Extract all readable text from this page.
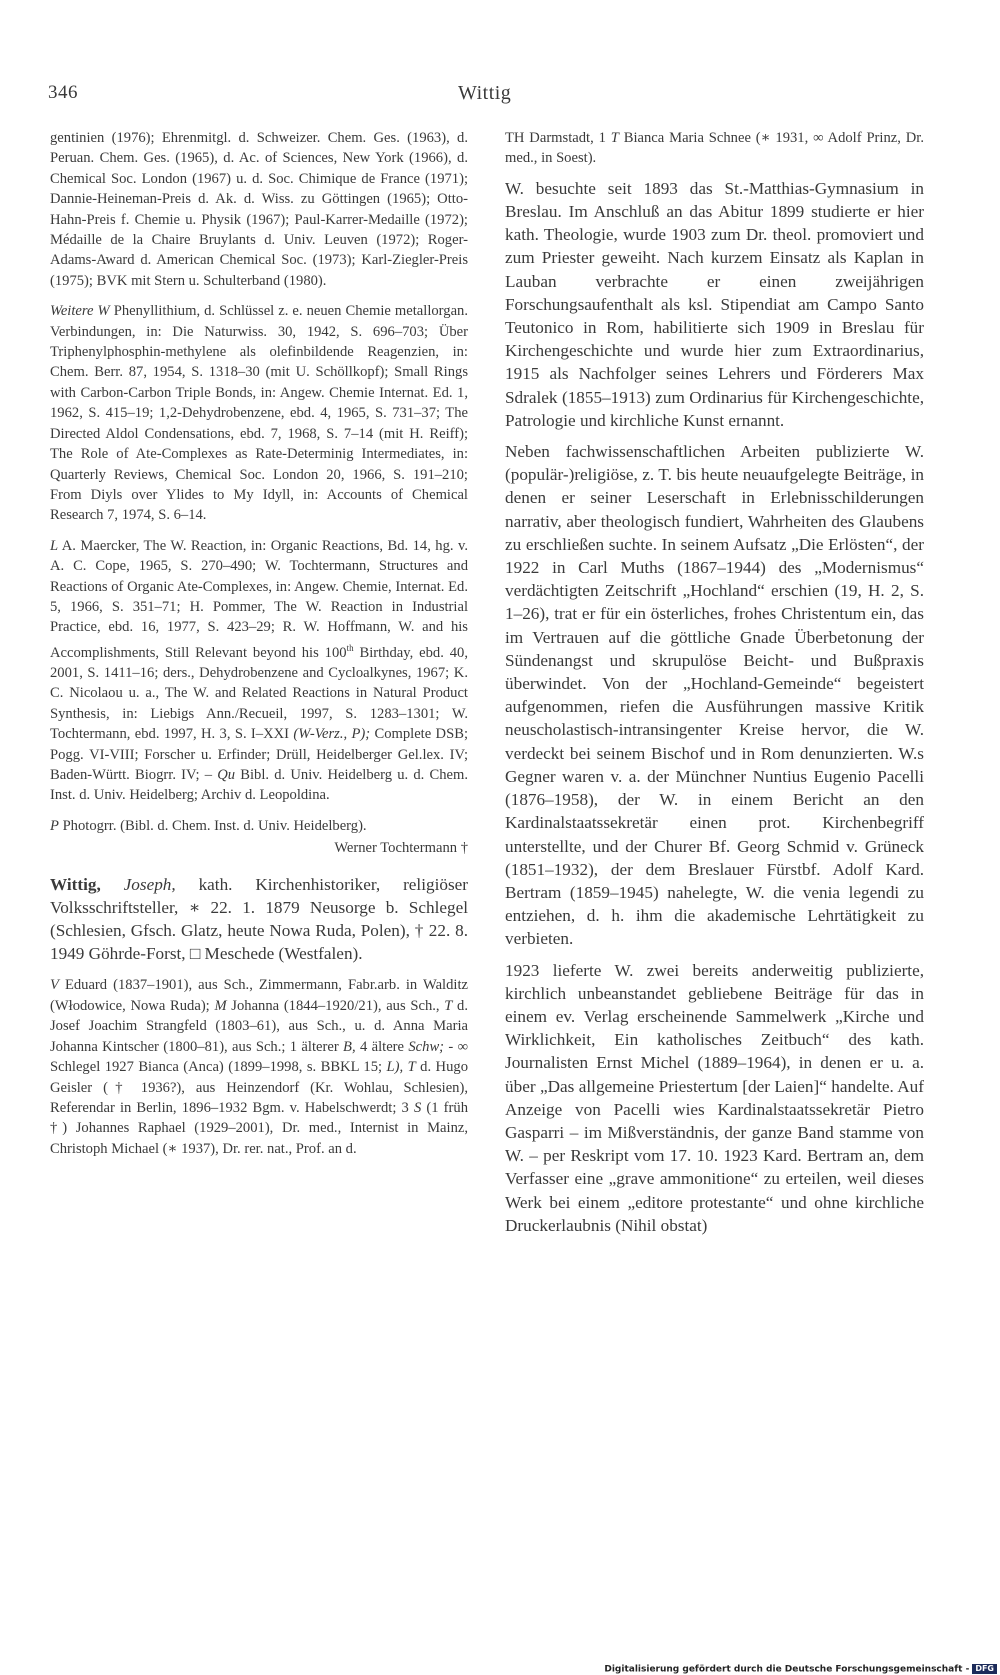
346	Wittig

gentinien (1976); Ehrenmitgl. d. Schweizer. Chem. Ges. (1963), d. Peruan. Chem. Ges. (1965), d. Ac. of Sciences, New York (1966), d. Chemical Soc. London (1967) u. d. Soc. Chimique de France (1971); Dannie-Heineman-Preis d. Ak. d. Wiss. zu Göttingen (1965); Otto-Hahn-Preis f. Chemie u. Physik (1967); Paul-Karrer-Medaille (1972); Médaille de la Chaire Bruylants d. Univ. Leuven (1972); Roger-Adams-Award d. American Chemical Soc. (1973); Karl-Ziegler-Preis (1975); BVK mit Stern u. Schulterband (1980).

Weitere W Phenyllithium, d. Schlüssel z. e. neuen Chemie metallorgan. Verbindungen, in: Die Naturwiss. 30, 1942, S. 696–703; Über Triphenylphosphin-methylene als olefinbildende Reagenzien, in: Chem. Berr. 87, 1954, S. 1318–30 (mit U. Schöllkopf); Small Rings with Carbon-Carbon Triple Bonds, in: Angew. Chemie Internat. Ed. 1, 1962, S. 415–19; 1,2-Dehydrobenzene, ebd. 4, 1965, S. 731–37; The Directed Aldol Condensations, ebd. 7, 1968, S. 7–14 (mit H. Reiff); The Role of Ate-Complexes as Rate-Determinig Intermediates, in: Quarterly Reviews, Chemical Soc. London 20, 1966, S. 191–210; From Diyls over Ylides to My Idyll, in: Accounts of Chemical Research 7, 1974, S. 6–14.

L A. Maercker, The W. Reaction, in: Organic Reactions, Bd. 14, hg. v. A. C. Cope, 1965, S. 270–490; W. Tochtermann, Structures and Reactions of Organic Ate-Complexes, in: Angew. Chemie, Internat. Ed. 5, 1966, S. 351–71; H. Pommer, The W. Reaction in Industrial Practice, ebd. 16, 1977, S. 423–29; R. W. Hoffmann, W. and his Accomplishments, Still Relevant beyond his 100th Birthday, ebd. 40, 2001, S. 1411–16; ders., Dehydrobenzene and Cycloalkynes, 1967; K. C. Nicolaou u. a., The W. and Related Reactions in Natural Product Synthesis, in: Liebigs Ann./Recueil, 1997, S. 1283–1301; W. Tochtermann, ebd. 1997, H. 3, S. I–XXI (W-Verz., P); Complete DSB; Pogg. VI-VIII; Forscher u. Erfinder; Drüll, Heidelberger Gel.lex. IV; Baden-Württ. Biogrr. IV; – Qu Bibl. d. Univ. Heidelberg u. d. Chem. Inst. d. Univ. Heidelberg; Archiv d. Leopoldina.

P Photogrr. (Bibl. d. Chem. Inst. d. Univ. Heidelberg).

Werner Tochtermann †

Wittig, Joseph, kath. Kirchenhistoriker, religiöser Volksschriftsteller, ∗ 22. 1. 1879 Neusorge b. Schlegel (Schlesien, Gfsch. Glatz, heute Nowa Ruda, Polen), † 22. 8. 1949 Göhrde-Forst, □ Meschede (Westfalen).

V Eduard (1837–1901), aus Sch., Zimmermann, Fabr.arb. in Walditz (Włodowice, Nowa Ruda); M Johanna (1844–1920/21), aus Sch., T d. Josef Joachim Strangfeld (1803–61), aus Sch., u. d. Anna Maria Johanna Kintscher (1800–81), aus Sch.; 1 älterer B, 4 ältere Schw; - ∞ Schlegel 1927 Bianca (Anca) (1899–1998, s. BBKL 15; L), T d. Hugo Geisler († 1936?), aus Heinzendorf (Kr. Wohlau, Schlesien), Referendar in Berlin, 1896–1932 Bgm. v. Habelschwerdt; 3 S (1 früh †) Johannes Raphael (1929–2001), Dr. med., Internist in Mainz, Christoph Michael (∗ 1937), Dr. rer. nat., Prof. an d.

TH Darmstadt, 1 T Bianca Maria Schnee (∗ 1931, ∞ Adolf Prinz, Dr. med., in Soest).

W. besuchte seit 1893 das St.-Matthias-Gymnasium in Breslau. Im Anschluß an das Abitur 1899 studierte er hier kath. Theologie, wurde 1903 zum Dr. theol. promoviert und zum Priester geweiht. Nach kurzem Einsatz als Kaplan in Lauban verbrachte er einen zweijährigen Forschungsaufenthalt als ksl. Stipendiat am Campo Santo Teutonico in Rom, habilitierte sich 1909 in Breslau für Kirchengeschichte und wurde hier zum Extraordinarius, 1915 als Nachfolger seines Lehrers und Förderers Max Sdralek (1855–1913) zum Ordinarius für Kirchengeschichte, Patrologie und kirchliche Kunst ernannt.

Neben fachwissenschaftlichen Arbeiten publizierte W. (populär-)religiöse, z. T. bis heute neuaufgelegte Beiträge, in denen er seiner Leserschaft in Erlebnisschilderungen narrativ, aber theologisch fundiert, Wahrheiten des Glaubens zu erschließen suchte. In seinem Aufsatz „Die Erlösten“, der 1922 in Carl Muths (1867–1944) des „Modernismus“ verdächtigten Zeitschrift „Hochland“ erschien (19, H. 2, S. 1–26), trat er für ein österliches, frohes Christentum ein, das im Vertrauen auf die göttliche Gnade Überbetonung der Sündenangst und skrupulöse Beicht- und Bußpraxis überwindet. Von der „Hochland-Gemeinde“ begeistert aufgenommen, riefen die Ausführungen massive Kritik neuscholastisch-intransingenter Kreise hervor, die W. verdeckt bei seinem Bischof und in Rom denunzierten. W.s Gegner waren v. a. der Münchner Nuntius Eugenio Pacelli (1876–1958), der W. in einem Bericht an den Kardinalstaatssekretär einen prot. Kirchenbegriff unterstellte, und der Churer Bf. Georg Schmid v. Grüneck (1851–1932), der dem Breslauer Fürstbf. Adolf Kard. Bertram (1859–1945) nahelegte, W. die venia legendi zu entziehen, d. h. ihm die akademische Lehrtätigkeit zu verbieten.

1923 lieferte W. zwei bereits anderweitig publizierte, kirchlich unbeanstandet gebliebene Beiträge für das in einem ev. Verlag erscheinende Sammelwerk „Kirche und Wirklichkeit, Ein katholisches Zeitbuch“ des kath. Journalisten Ernst Michel (1889–1964), in denen er u. a. über „Das allgemeine Priestertum [der Laien]“ handelte. Auf Anzeige von Pacelli wies Kardinalstaatssekretär Pietro Gasparri – im Mißverständnis, der ganze Band stamme von W. – per Reskript vom 17. 10. 1923 Kard. Bertram an, dem Verfasser eine „grave ammonitione“ zu erteilen, weil dieses Werk bei einem „editore protestante“ und ohne kirchliche Druckerlaubnis (Nihil obstat)

Digitalisierung gefördert durch die Deutsche Forschungsgemeinschaft - DFG
